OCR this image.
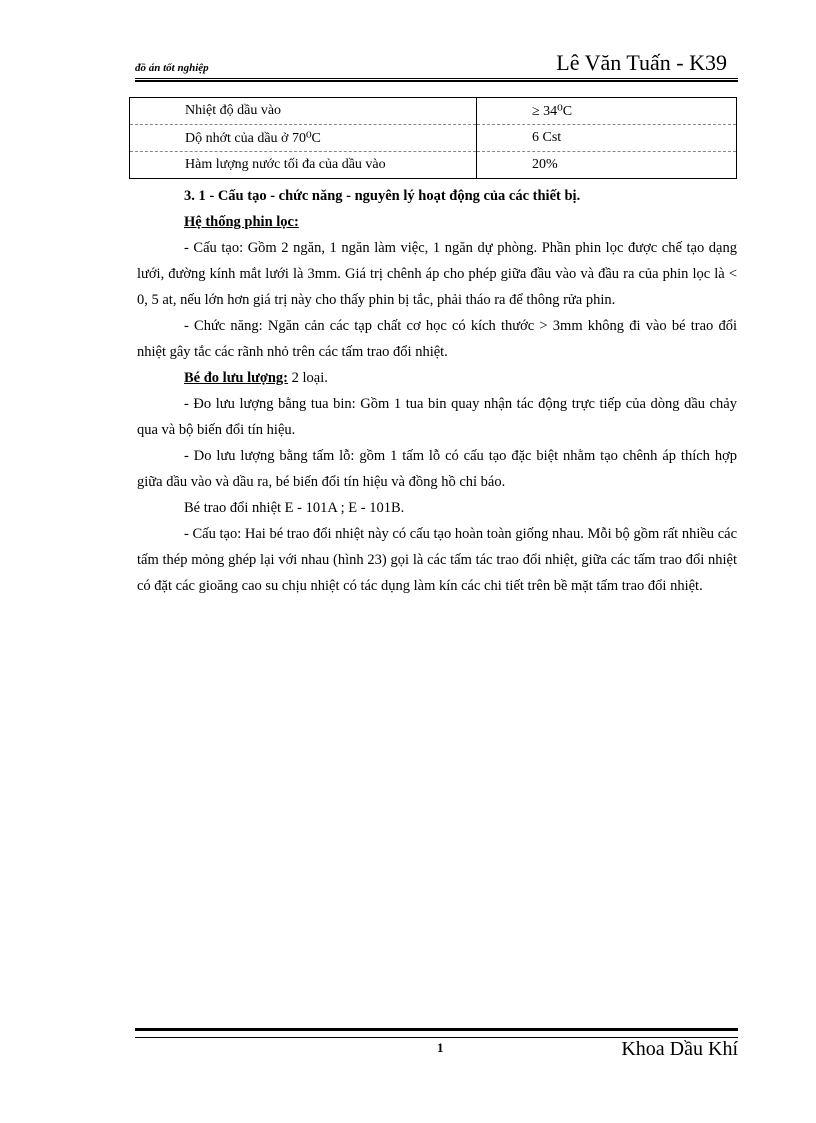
đồ án tốt nghiệp	Lê Văn Tuấn - K39
Nhiệt độ dầu vào	≥ 34⁰C
Dộ nhớt của dầu ở 70⁰C	6 Cst
Hàm lượng nước tối đa của dầu vào	20%

3. 1 - Cấu tạo - chức năng - nguyên lý hoạt động của các thiết bị.

Hệ thống phin lọc:

- Cấu tạo: Gồm 2 ngăn, 1 ngăn làm việc, 1 ngăn dự phòng. Phần phin lọc được chế tạo dạng lưới, đường kính mắt lưới là 3mm. Giá trị chênh áp cho phép giữa đầu vào và đầu ra của phin lọc là < 0, 5 at, nếu lớn hơn giá trị này cho thấy phin bị tắc, phải tháo ra để thông rửa phin.

- Chức năng: Ngăn cản các tạp chất cơ học có kích thước > 3mm không đi vào bé trao đổi nhiệt gây tắc các rãnh nhỏ trên các tấm trao đổi nhiệt.

Bé đo lưu lượng: 2 loại.

- Đo lưu lượng bằng tua bin: Gồm 1 tua bin quay nhận tác động trực tiếp của dòng dầu chảy qua và bộ biến đổi tín hiệu.

- Do lưu lượng bằng tấm lỗ: gồm 1 tấm lỗ có cấu tạo đặc biệt nhằm tạo chênh áp thích hợp giữa dầu vào và dầu ra, bé biến đổi tín hiệu và đồng hồ chỉ báo.

Bé trao đổi nhiệt E - 101A ; E - 101B.

- Cấu tạo: Hai bé trao đổi nhiệt này có cấu tạo hoàn toàn giống nhau. Mỗi bộ gồm rất nhiều các tấm thép mỏng ghép lại với nhau (hình 23) gọi là các tấm tác trao đổi nhiệt, giữa các tấm trao đổi nhiệt có đặt các gioăng cao su chịu nhiệt có tác dụng làm kín các chi tiết trên bề mặt tấm trao đổi nhiệt.

1	Khoa Dầu Khí
